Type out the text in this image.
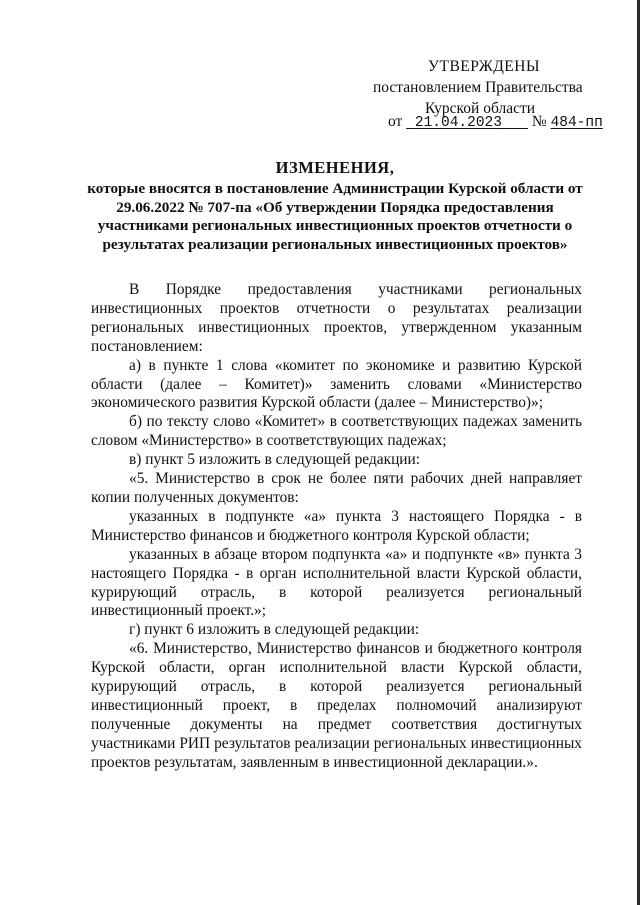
УТВЕРЖДЕНЫ
постановлением Правительства
Курской области
от 21.04.2023 № 484-пп
ИЗМЕНЕНИЯ,
которые вносятся в постановление Администрации Курской области от 29.06.2022 № 707-па «Об утверждении Порядка предоставления участниками региональных инвестиционных проектов отчетности о результатах реализации региональных инвестиционных проектов»

В Порядке предоставления участниками региональных инвестиционных проектов отчетности о результатах реализации региональных инвестиционных проектов, утвержденном указанным постановлением:

а) в пункте 1 слова «комитет по экономике и развитию Курской области (далее – Комитет)» заменить словами «Министерство экономического развития Курской области (далее – Министерство)»;

б) по тексту слово «Комитет» в соответствующих падежах заменить словом «Министерство» в соответствующих падежах;

в) пункт 5 изложить в следующей редакции:

«5. Министерство в срок не более пяти рабочих дней направляет копии полученных документов:

указанных в подпункте «а» пункта 3 настоящего Порядка - в Министерство финансов и бюджетного контроля Курской области;

указанных в абзаце втором подпункта «а» и подпункте «в» пункта 3 настоящего Порядка - в орган исполнительной власти Курской области, курирующий отрасль, в которой реализуется региональный инвестиционный проект.»;

г) пункт 6 изложить в следующей редакции:

«6. Министерство, Министерство финансов и бюджетного контроля Курской области, орган исполнительной власти Курской области, курирующий отрасль, в которой реализуется региональный инвестиционный проект, в пределах полномочий анализируют полученные документы на предмет соответствия достигнутых участниками РИП результатов реализации региональных инвестиционных проектов результатам, заявленным в инвестиционной декларации.».
